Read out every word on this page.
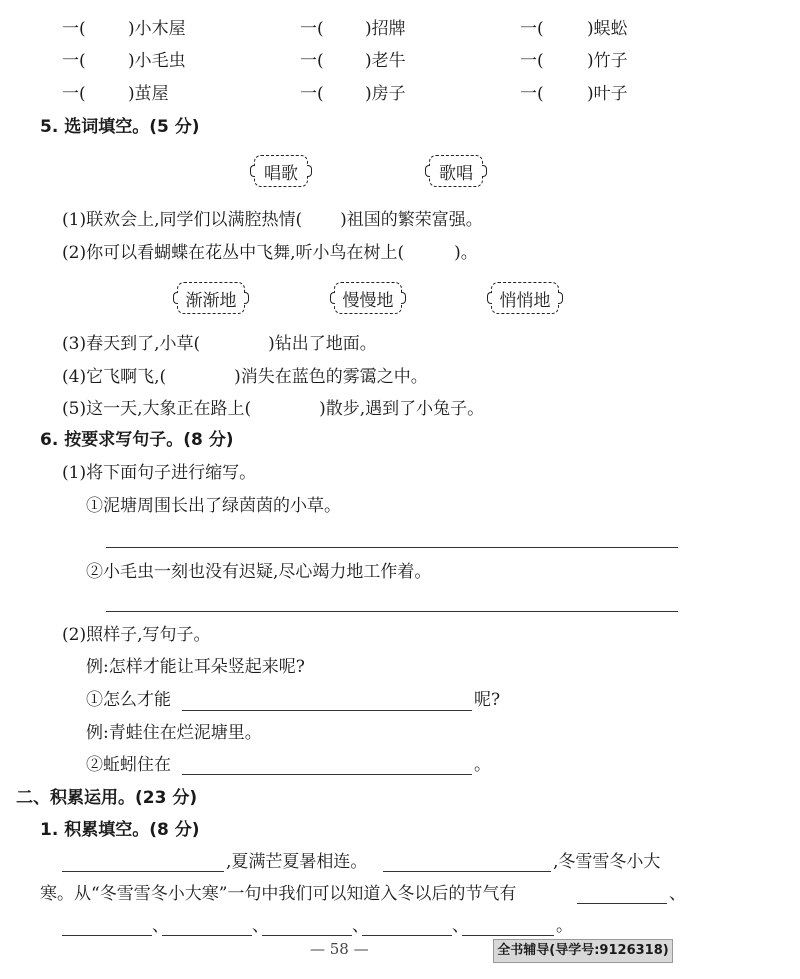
一( )小木屋	一( )招牌	一(	)蜈蚣
一( )小毛虫	一( )老牛	一(	)竹子
一( )茧屋	一( )房子	一(	)叶子
5. 选词填空。(5 分)
唱歌	歌唱
(1)联欢会上,同学们以满腔热情( )祖国的繁荣富强。
(2)你可以看蝴蝶在花丛中飞舞,听小鸟在树上(	)。
渐渐地	慢慢地	悄悄地
(3)春天到了,小草(	)钻出了地面。
(4)它飞啊飞,(	)消失在蓝色的雾霭之中。
(5)这一天,大象正在路上(	)散步,遇到了小兔子。
6. 按要求写句子。(8 分)
(1)将下面句子进行缩写。
①泥塘周围长出了绿茵茵的小草。
②小毛虫一刻也没有迟疑,尽心竭力地工作着。
(2)照样子,写句子。
例:怎样才能让耳朵竖起来呢?
①怎么才能	呢?
例:青蛙住在烂泥塘里。
②蚯蚓住在	。
二、积累运用。(23 分)
1. 积累填空。(8 分)
,夏满芒夏暑相连。	,冬雪雪冬小大
寒。从“冬雪雪冬小大寒”一句中我们可以知道入冬以后的节气有	、
、	、	、	、	。
— 58 —	全书辅导(导学号:9126318)
